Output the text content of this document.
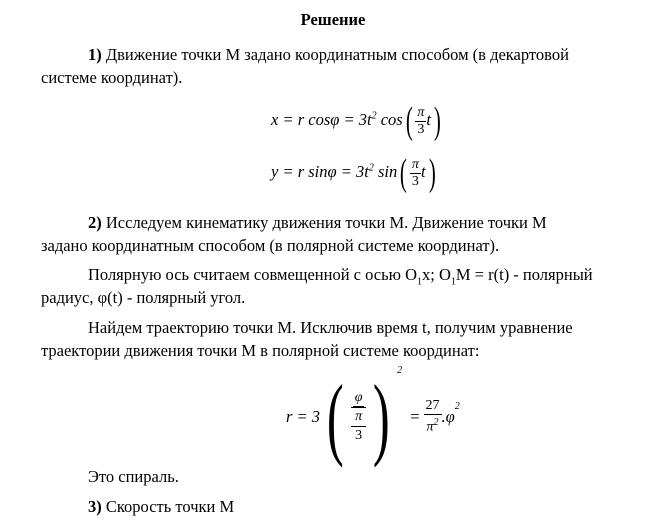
Решение
1) Движение точки М задано координатным способом (в декартовой
системе координат).
x = r $\cos\varphi = 3t^2$ $\cos( \frac{\pi}{3} t)$
y = r $\sin\varphi = 3t^2$ $\sin( \frac{\pi}{3} t)$
2) Исследуем кинематику движения точки М. Движение точки М
задано координатным способом (в полярной системе координат).
Полярную ось считаем совмещенной с осью $O_1x$; $O_1M = r(t)$ - полярный
радиус, φ(t) - полярный угол.
Найдем траекторию точки М. Исключив время t, получим уравнение
траектории движения точки М в полярной системе координат:
r = 3( φ
π
3 ) $^2 = \frac{27}{\pi^2} .\varphi^2$
Это спираль.
3) Скорость точки М
